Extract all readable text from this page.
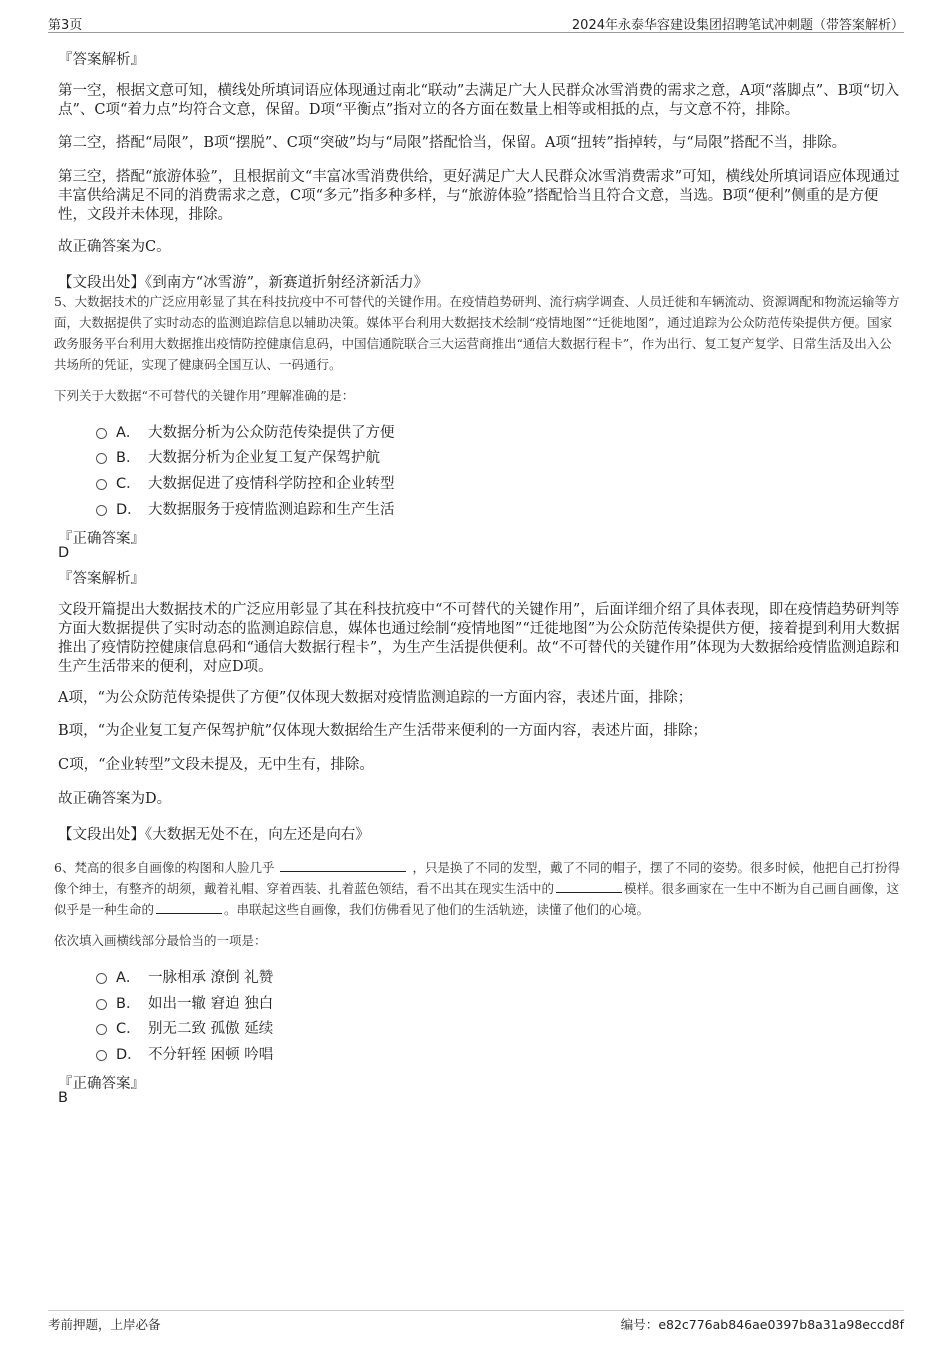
第3页	2024年永泰华容建设集团招聘笔试冲刺题（带答案解析）
『答案解析』

第一空，根据文意可知，横线处所填词语应体现通过南北“联动”去满足广大人民群众冰雪消费的需求之意，A项“落脚点”、B项“切入点”、C项“着力点”均符合文意，保留。D项“平衡点”指对立的各方面在数量上相等或相抵的点，与文意不符，排除。

第二空，搭配“局限”，B项“摆脱”、C项“突破”均与“局限”搭配恰当，保留。A项“扭转”指掉转，与“局限”搭配不当，排除。

第三空，搭配“旅游体验”，且根据前文“丰富冰雪消费供给，更好满足广大人民群众冰雪消费需求”可知，横线处所填词语应体现通过丰富供给满足不同的消费需求之意，C项“多元”指多种多样，与“旅游体验”搭配恰当且符合文意，当选。B项“便利”侧重的是方便性，文段并未体现，排除。

故正确答案为C。

【文段出处】《到南方“冰雪游”，新赛道折射经济新活力》

5、大数据技术的广泛应用彰显了其在科技抗疫中不可替代的关键作用。在疫情趋势研判、流行病学调查、人员迁徙和车辆流动、资源调配和物流运输等方面，大数据提供了实时动态的监测追踪信息以辅助决策。媒体平台利用大数据技术绘制“疫情地图”“迁徙地图”，通过追踪为公众防范传染提供方便。国家政务服务平台利用大数据推出疫情防控健康信息码，中国信通院联合三大运营商推出“通信大数据行程卡”，作为出行、复工复产复学、日常生活及出入公共场所的凭证，实现了健康码全国互认、一码通行。

下列关于大数据“不可替代的关键作用”理解准确的是：
A． 大数据分析为公众防范传染提供了方便
B． 大数据分析为企业复工复产保驾护航
C． 大数据促进了疫情科学防控和企业转型
D． 大数据服务于疫情监测追踪和生产生活
『正确答案』
D
『答案解析』

文段开篇提出大数据技术的广泛应用彰显了其在科技抗疫中“不可替代的关键作用”，后面详细介绍了具体表现，即在疫情趋势研判等方面大数据提供了实时动态的监测追踪信息，媒体也通过绘制“疫情地图”“迁徙地图”为公众防范传染提供方便，接着提到利用大数据推出了疫情防控健康信息码和“通信大数据行程卡”，为生产生活提供便利。故“不可替代的关键作用”体现为大数据给疫情监测追踪和生产生活带来的便利，对应D项。

A项，“为公众防范传染提供了方便”仅体现大数据对疫情监测追踪的一方面内容，表述片面，排除；

B项，“为企业复工复产保驾护航”仅体现大数据给生产生活带来便利的一方面内容，表述片面，排除；

C项，“企业转型”文段未提及，无中生有，排除。

故正确答案为D。

【文段出处】《大数据无处不在，向左还是向右》

6、梵高的很多自画像的构图和人脸几乎	，只是换了不同的发型，戴了不同的帽子，摆了不同的姿势。很多时候，他把自己打扮得像个绅士，有整齐的胡须，戴着礼帽、穿着西装、扎着蓝色领结，看不出其在现实生活中的	模样。很多画家在一生中不断为自己画自画像，这似乎是一种生命的	。串联起这些自画像，我们仿佛看见了他们的生活轨迹，读懂了他们的心境。

依次填入画横线部分最恰当的一项是：
A． 一脉相承 潦倒 礼赞
B． 如出一辙 窘迫 独白
C． 别无二致 孤傲 延续
D． 不分轩轾 困顿 吟唱
『正确答案』
B
考前押题，上岸必备	编号：e82c776ab846ae0397b8a31a98eccd8f
